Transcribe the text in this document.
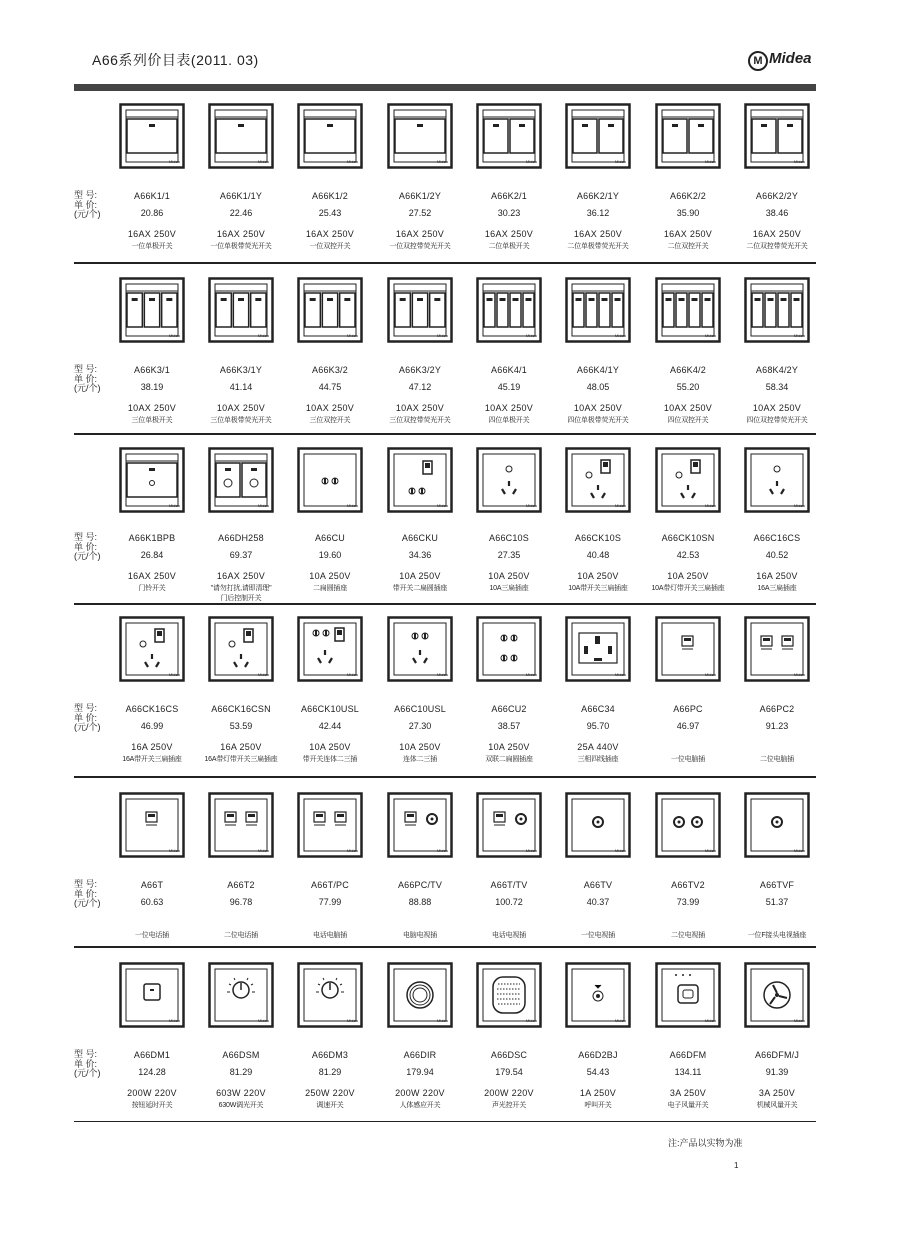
A66系列价目表(2011. 03)	M Midea
型 号:
单 价:
(元/个)
Midea
A66K1/1
20.86
16AX 250V
一位单极开关
Midea
A66K1/1Y
22.46
16AX 250V
一位单极带荧光开关
Midea
A66K1/2
25.43
16AX 250V
一位双控开关
Midea
A66K1/2Y
27.52
16AX 250V
一位双控带荧光开关
Midea
A66K2/1
30.23
16AX 250V
二位单极开关
Midea
A66K2/1Y
36.12
16AX 250V
二位单极带荧光开关
Midea
A66K2/2
35.90
16AX 250V
二位双控开关
Midea
A66K2/2Y
38.46
16AX 250V
二位双控带荧光开关
型 号:
单 价:
(元/个)
Midea
A66K3/1
38.19
10AX 250V
三位单极开关
Midea
A66K3/1Y
41.14
10AX 250V
三位单极带荧光开关
Midea
A66K3/2
44.75
10AX 250V
三位双控开关
Midea
A66K3/2Y
47.12
10AX 250V
三位双控带荧光开关
Midea
A66K4/1
45.19
10AX 250V
四位单极开关
Midea
A66K4/1Y
48.05
10AX 250V
四位单极带荧光开关
Midea
A66K4/2
55.20
10AX 250V
四位双控开关
Midea
A68K4/2Y
58.34
10AX 250V
四位双控带荧光开关
型 号:
单 价:
(元/个)
Midea
A66K1BPB
26.84
16AX 250V
门铃开关
Midea
A66DH258
69.37
16AX 250V
"请勿打扰,请即清理"
门后控制开关
Midea
A66CU
19.60
10A 250V
二扁圆插座
Midea
A66CKU
34.36
10A 250V
带开关二扁圆插座
Midea
A66C10S
27.35
10A 250V
10A三扁插座
Midea
A66CK10S
40.48
10A 250V
10A带开关三扁插座
Midea
A66CK10SN
42.53
10A 250V
10A带灯带开关三扁插座
Midea
A66C16CS
40.52
16A 250V
16A三扁插座
型 号:
单 价:
(元/个)
Midea
A66CK16CS
46.99
16A 250V
16A带开关三扁插座
Midea
A66CK16CSN
53.59
16A 250V
16A带灯带开关三扁插座
Midea
A66CK10USL
42.44
10A 250V
带开关连体二三插
Midea
A66C10USL
27.30
10A 250V
连体二三插
Midea
A66CU2
38.57
10A 250V
双联二扁圆插座
Midea
A66C34
95.70
25A 440V
三相四线插座
Midea
A66PC
46.97

一位电脑插
Midea
A66PC2
91.23

二位电脑插
型 号:
单 价:
(元/个)
Midea
A66T
60.63

一位电话插
Midea
A66T2
96.78

二位电话插
Midea
A66T/PC
77.99

电话电脑插
Midea
A66PC/TV
88.88

电脑电视插
Midea
A66T/TV
100.72

电话电视插
Midea
A66TV
40.37

一位电视插
Midea
A66TV2
73.99

二位电视插
Midea
A66TVF
51.37

一位F接头电视插座
型 号:
单 价:
(元/个)
Midea
A66DM1
124.28
200W 220V
按钮延时开关
Midea
A66DSM
81.29
603W 220V
630W调光开关
Midea
A66DM3
81.29
250W 220V
调速开关
Midea
A66DIR
179.94
200W 220V
人体感应开关
Midea
A66DSC
179.54
200W 220V
声光控开关
Midea
A66D2BJ
54.43
1A 250V
呼叫开关
Midea
A66DFM
134.11
3A 250V
电子风量开关
Midea
A66DFM/J
91.39
3A 250V
机械风量开关
注:产品以实物为准
1
